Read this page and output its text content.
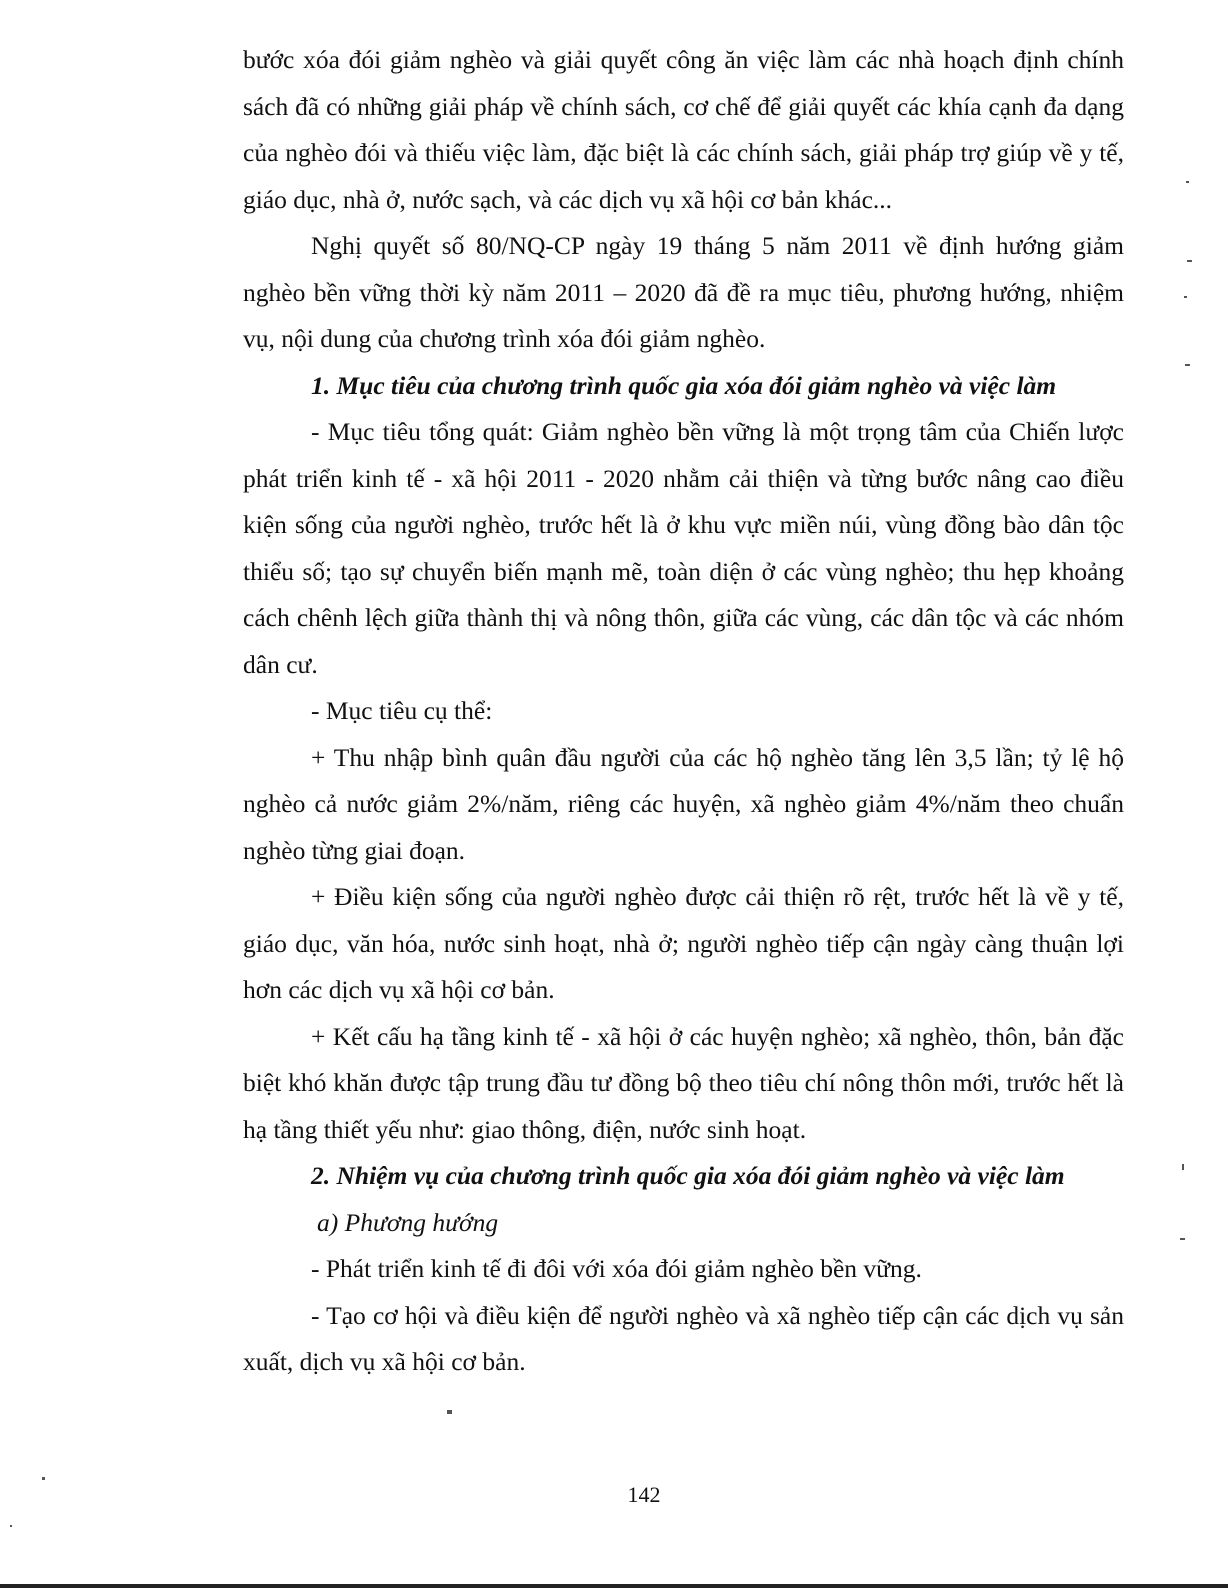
bước xóa đói giảm nghèo và giải quyết công ăn việc làm các nhà hoạch định chính sách đã có những giải pháp về chính sách, cơ chế để giải quyết các khía cạnh đa dạng của nghèo đói và thiếu việc làm, đặc biệt là các chính sách, giải pháp trợ giúp về y tế, giáo dục, nhà ở, nước sạch, và các dịch vụ xã hội cơ bản khác...

Nghị quyết số 80/NQ-CP ngày 19 tháng 5 năm 2011 về định hướng giảm nghèo bền vững thời kỳ năm 2011 – 2020 đã đề ra mục tiêu, phương hướng, nhiệm vụ, nội dung của chương trình xóa đói giảm nghèo.

1. Mục tiêu của chương trình quốc gia xóa đói giảm nghèo và việc làm

- Mục tiêu tổng quát: Giảm nghèo bền vững là một trọng tâm của Chiến lược phát triển kinh tế - xã hội 2011 - 2020 nhằm cải thiện và từng bước nâng cao điều kiện sống của người nghèo, trước hết là ở khu vực miền núi, vùng đồng bào dân tộc thiểu số; tạo sự chuyển biến mạnh mẽ, toàn diện ở các vùng nghèo; thu hẹp khoảng cách chênh lệch giữa thành thị và nông thôn, giữa các vùng, các dân tộc và các nhóm dân cư.

- Mục tiêu cụ thể:

+ Thu nhập bình quân đầu người của các hộ nghèo tăng lên 3,5 lần; tỷ lệ hộ nghèo cả nước giảm 2%/năm, riêng các huyện, xã nghèo giảm 4%/năm theo chuẩn nghèo từng giai đoạn.

+ Điều kiện sống của người nghèo được cải thiện rõ rệt, trước hết là về y tế, giáo dục, văn hóa, nước sinh hoạt, nhà ở; người nghèo tiếp cận ngày càng thuận lợi hơn các dịch vụ xã hội cơ bản.

+ Kết cấu hạ tầng kinh tế - xã hội ở các huyện nghèo; xã nghèo, thôn, bản đặc biệt khó khăn được tập trung đầu tư đồng bộ theo tiêu chí nông thôn mới, trước hết là hạ tầng thiết yếu như: giao thông, điện, nước sinh hoạt.

2. Nhiệm vụ của chương trình quốc gia xóa đói giảm nghèo và việc làm

a) Phương hướng

- Phát triển kinh tế đi đôi với xóa đói giảm nghèo bền vững.

- Tạo cơ hội và điều kiện để người nghèo và xã nghèo tiếp cận các dịch vụ sản xuất, dịch vụ xã hội cơ bản.

142
